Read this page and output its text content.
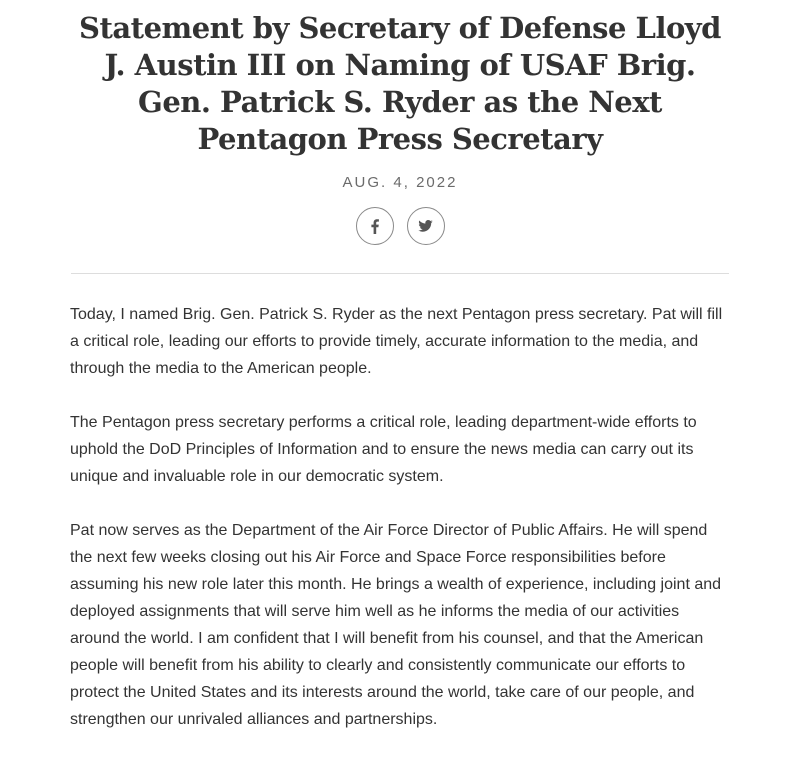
Statement by Secretary of Defense Lloyd J. Austin III on Naming of USAF Brig. Gen. Patrick S. Ryder as the Next Pentagon Press Secretary
AUG. 4, 2022

Today, I named Brig. Gen. Patrick S. Ryder as the next Pentagon press secretary. Pat will fill a critical role, leading our efforts to provide timely, accurate information to the media, and through the media to the American people.

The Pentagon press secretary performs a critical role, leading department-wide efforts to uphold the DoD Principles of Information and to ensure the news media can carry out its unique and invaluable role in our democratic system.

Pat now serves as the Department of the Air Force Director of Public Affairs. He will spend the next few weeks closing out his Air Force and Space Force responsibilities before assuming his new role later this month. He brings a wealth of experience, including joint and deployed assignments that will serve him well as he informs the media of our activities around the world. I am confident that I will benefit from his counsel, and that the American people will benefit from his ability to clearly and consistently communicate our efforts to protect the United States and its interests around the world, take care of our people, and strengthen our unrivaled alliances and partnerships.
